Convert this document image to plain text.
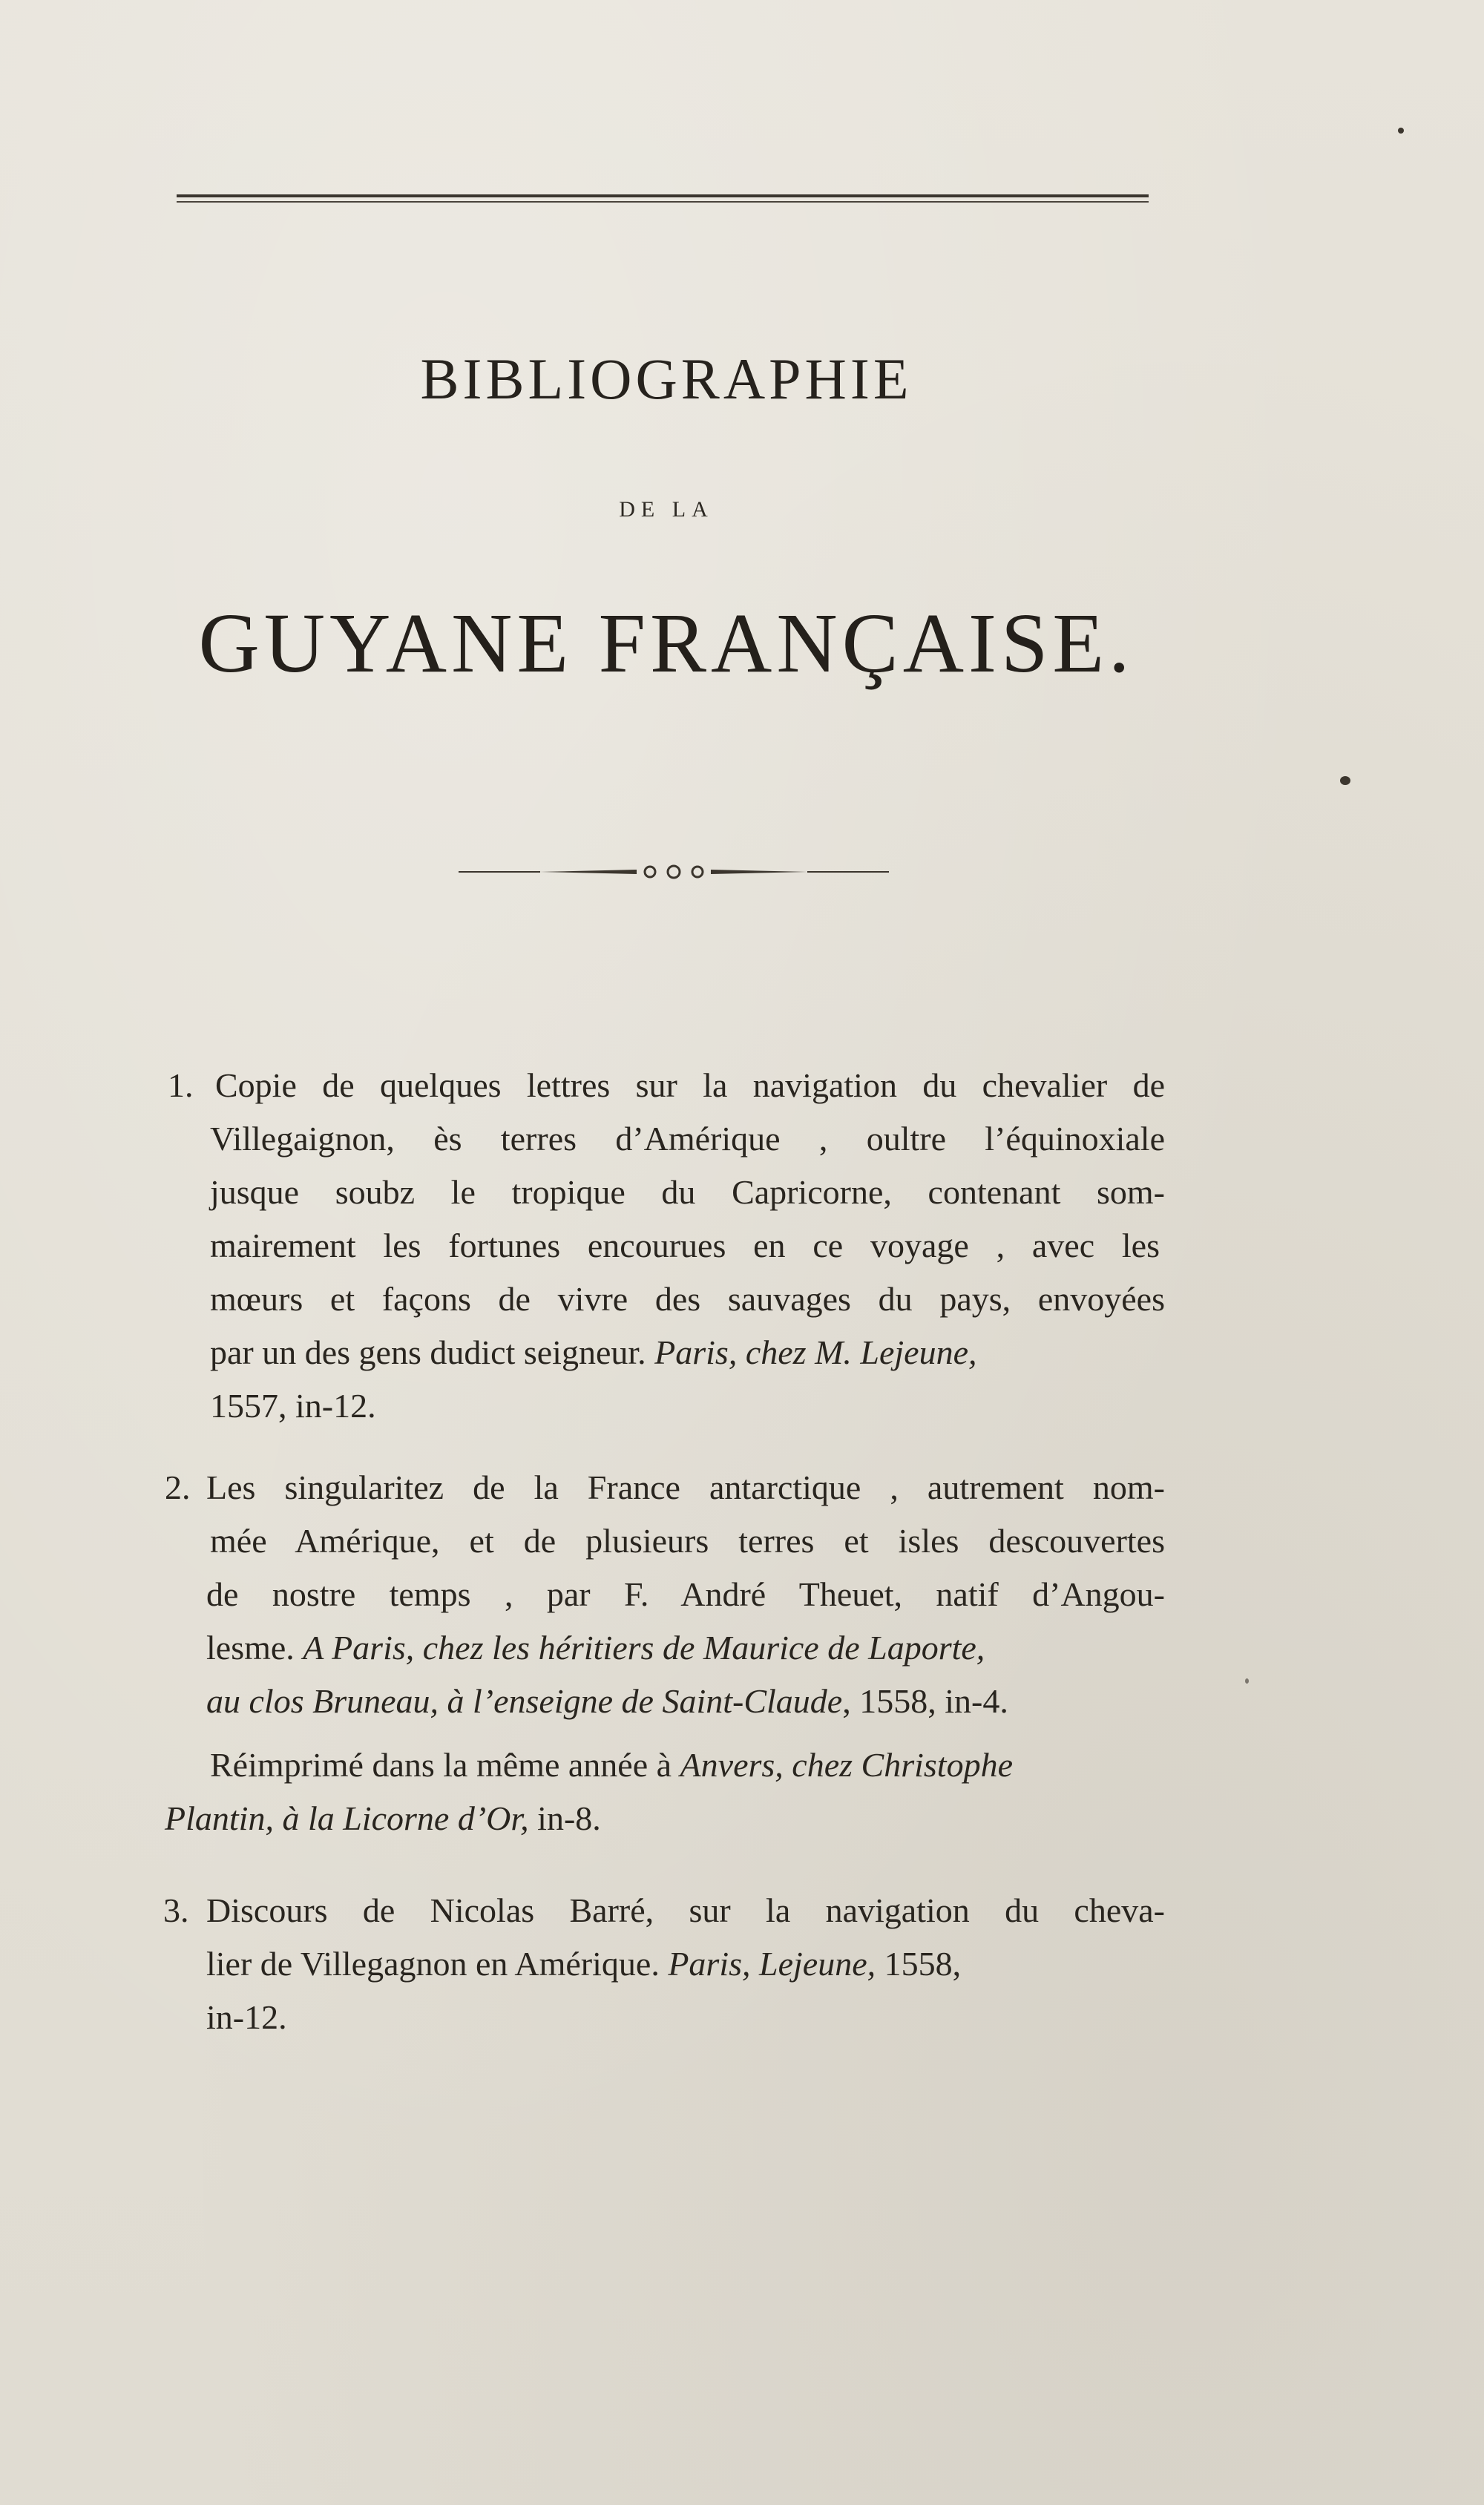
BIBLIOGRAPHIE
DE LA
GUYANE FRANÇAISE.
1. Copie de quelques lettres sur la navigation du chevalier de
Villegaignon, ès terres d’Amérique , oultre l’équinoxiale
jusque soubz le tropique du Capricorne, contenant som-
mairement les fortunes encourues en ce voyage , avec les
mœurs et façons de vivre des sauvages du pays, envoyées
par un des gens dudict seigneur. Paris, chez M. Lejeune,
1557, in-12.
2. Les singularitez de la France antarctique , autrement nom-
mée Amérique, et de plusieurs terres et isles descouvertes
de nostre temps , par F. André Theuet, natif d’Angou-
lesme. A Paris, chez les héritiers de Maurice de Laporte,
au clos Bruneau, à l’enseigne de Saint-Claude, 1558, in-4.
Réimprimé dans la même année à Anvers, chez Christophe
Plantin, à la Licorne d’Or, in-8.
3. Discours de Nicolas Barré, sur la navigation du cheva-
lier de Villegagnon en Amérique. Paris, Lejeune, 1558,
in-12.
